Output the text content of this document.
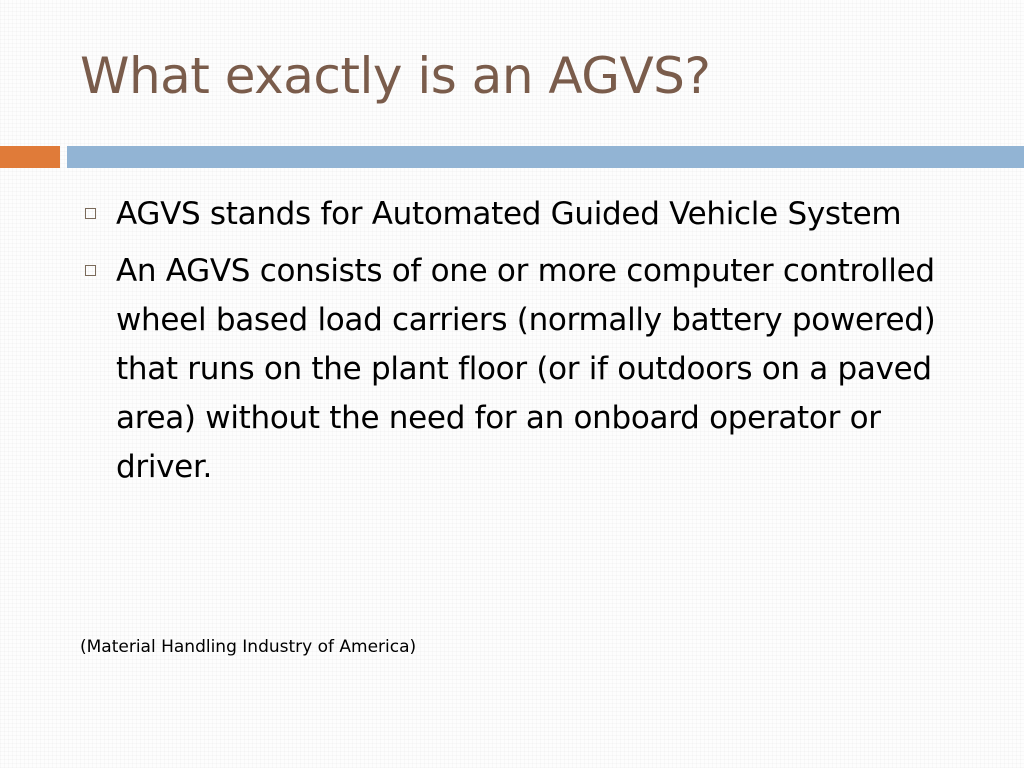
What exactly is an AGVS?
AGVS stands for Automated Guided Vehicle System
An AGVS consists of one or more computer controlled wheel based load carriers (normally battery powered) that runs on the plant floor (or if outdoors on a paved area) without the need for an onboard operator or driver.
(Material Handling Industry of America)
